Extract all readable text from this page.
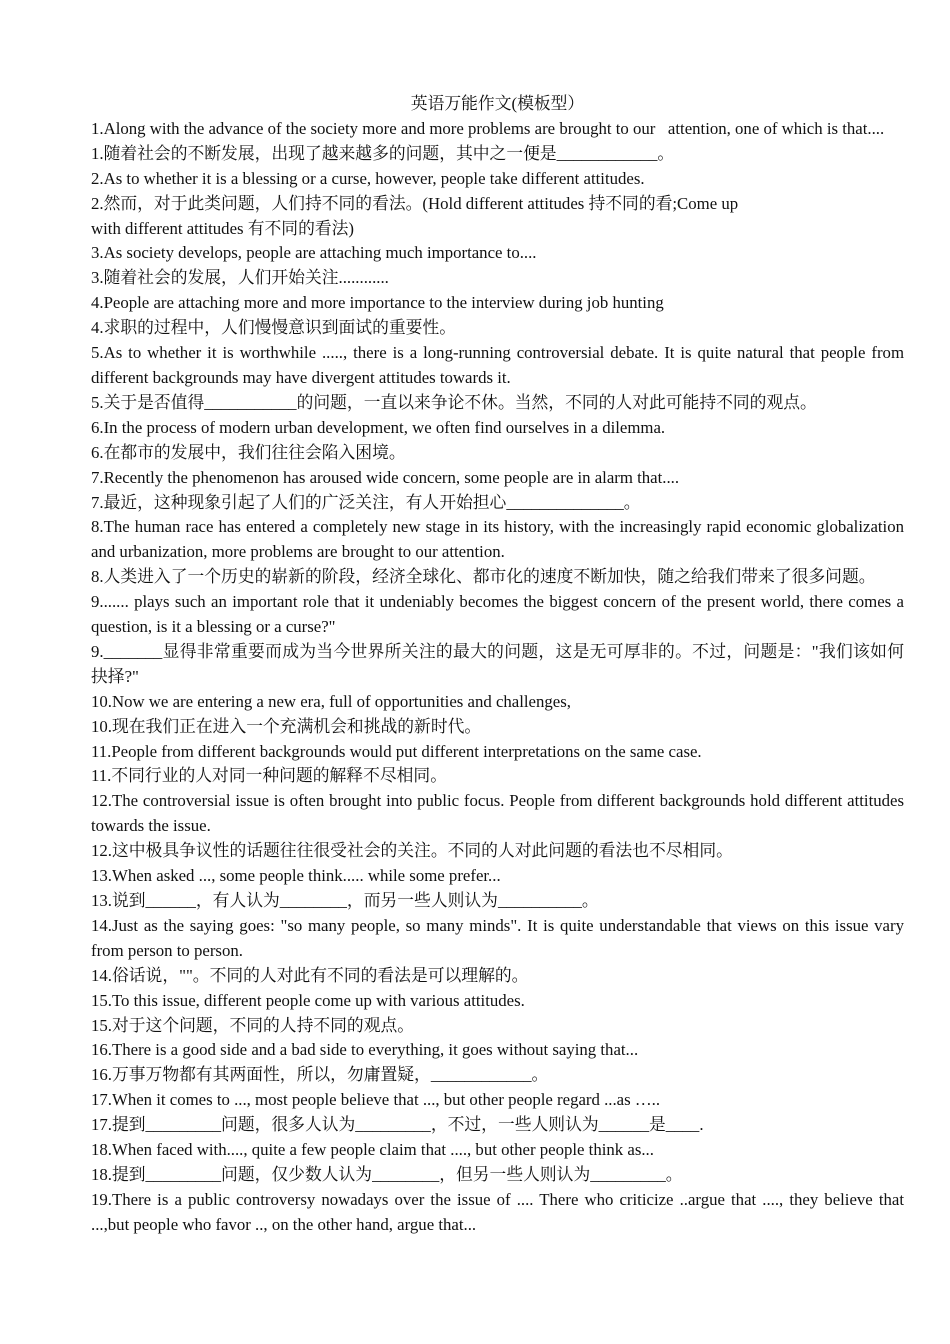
英语万能作文(模板型）

1.Along with the advance of the society more and more problems are brought to our   attention, one of which is that....

1.随着社会的不断发展，出现了越来越多的问题，其中之一便是____________。

2.As to whether it is a blessing or a curse, however, people take different attitudes.

2.然而，对于此类问题，人们持不同的看法。(Hold different attitudes 持不同的看;Come up

with different attitudes 有不同的看法)

3.As society develops, people are attaching much importance to....

3.随着社会的发展，人们开始关注............

4.People are attaching more and more importance to the interview during job hunting

4.求职的过程中，人们慢慢意识到面试的重要性。

5.As to whether it is worthwhile ....., there is a long-running controversial debate. It is quite natural that people from different backgrounds may have divergent attitudes towards it.

5.关于是否值得___________的问题，一直以来争论不休。当然，不同的人对此可能持不同的观点。

6.In the process of modern urban development, we often find ourselves in a dilemma.

6.在都市的发展中，我们往往会陷入困境。

7.Recently the phenomenon has aroused wide concern, some people are in alarm that....

7.最近，这种现象引起了人们的广泛关注，有人开始担心______________。

8.The human race has entered a completely new stage in its history, with the increasingly rapid economic globalization and urbanization, more problems are brought to our attention.

8.人类进入了一个历史的崭新的阶段，经济全球化、都市化的速度不断加快，随之给我们带来了很多问题。

9....... plays such an important role that it undeniably becomes the biggest concern of the present world, there comes a question, is it a blessing or a curse?"

9._______显得非常重要而成为当今世界所关注的最大的问题，这是无可厚非的。不过，问题是："我们该如何抉择?"

10.Now we are entering a new era, full of opportunities and challenges,

10.现在我们正在进入一个充满机会和挑战的新时代。

11.People from different backgrounds would put different interpretations on the same case.

11.不同行业的人对同一种问题的解释不尽相同。

12.The controversial issue is often brought into public focus. People from different backgrounds hold different attitudes towards the issue.

12.这中极具争议性的话题往往很受社会的关注。不同的人对此问题的看法也不尽相同。

13.When asked ..., some people think..... while some prefer...

13.说到______，有人认为________，而另一些人则认为__________。

14.Just as the saying goes: "so many people, so many minds". It is quite understandable that views on this issue vary from person to person.

14.俗话说，""。不同的人对此有不同的看法是可以理解的。

15.To this issue, different people come up with various attitudes.

15.对于这个问题，不同的人持不同的观点。

16.There is a good side and a bad side to everything, it goes without saying that...

16.万事万物都有其两面性，所以，勿庸置疑，____________。

17.When it comes to ..., most people believe that ..., but other people regard ...as …..

17.提到_________问题，很多人认为_________，不过，一些人则认为______是____.

18.When faced with...., quite a few people claim that ...., but other people think as...

18.提到_________问题，仅少数人认为________，但另一些人则认为_________。

19.There is a public controversy nowadays over the issue of .... There who criticize ..argue that ...., they believe that ...,but people who favor .., on the other hand, argue that...
